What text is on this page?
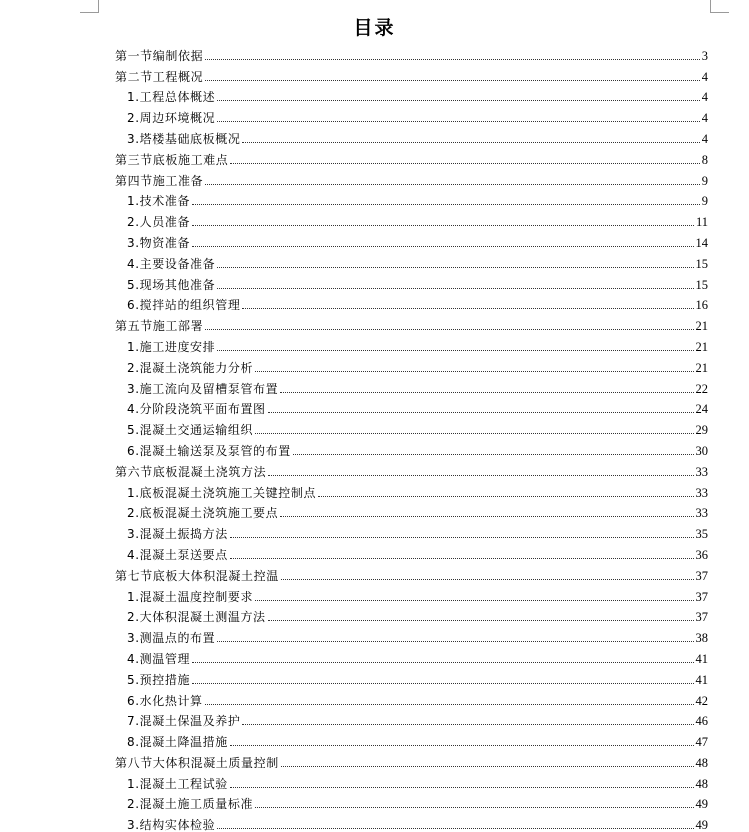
目录
第一节编制依据	3
第二节工程概况	4
1.工程总体概述	4
2.周边环境概况	4
3.塔楼基础底板概况	4
第三节底板施工难点	8
第四节施工准备	9
1.技术准备	9
2.人员准备	11
3.物资准备	14
4.主要设备准备	15
5.现场其他准备	15
6.搅拌站的组织管理	16
第五节施工部署	21
1.施工进度安排	21
2.混凝土浇筑能力分析	21
3.施工流向及留槽泵管布置	22
4.分阶段浇筑平面布置图	24
5.混凝土交通运输组织	29
6.混凝土输送泵及泵管的布置	30
第六节底板混凝土浇筑方法	33
1.底板混凝土浇筑施工关键控制点	33
2.底板混凝土浇筑施工要点	33
3.混凝土振捣方法	35
4.混凝土泵送要点	36
第七节底板大体积混凝土控温	37
1.混凝土温度控制要求	37
2.大体积混凝土测温方法	37
3.测温点的布置	38
4.测温管理	41
5.预控措施	41
6.水化热计算	42
7.混凝土保温及养护	46
8.混凝土降温措施	47
第八节大体积混凝土质量控制	48
1.混凝土工程试验	48
2.混凝土施工质量标准	49
3.结构实体检验	49
